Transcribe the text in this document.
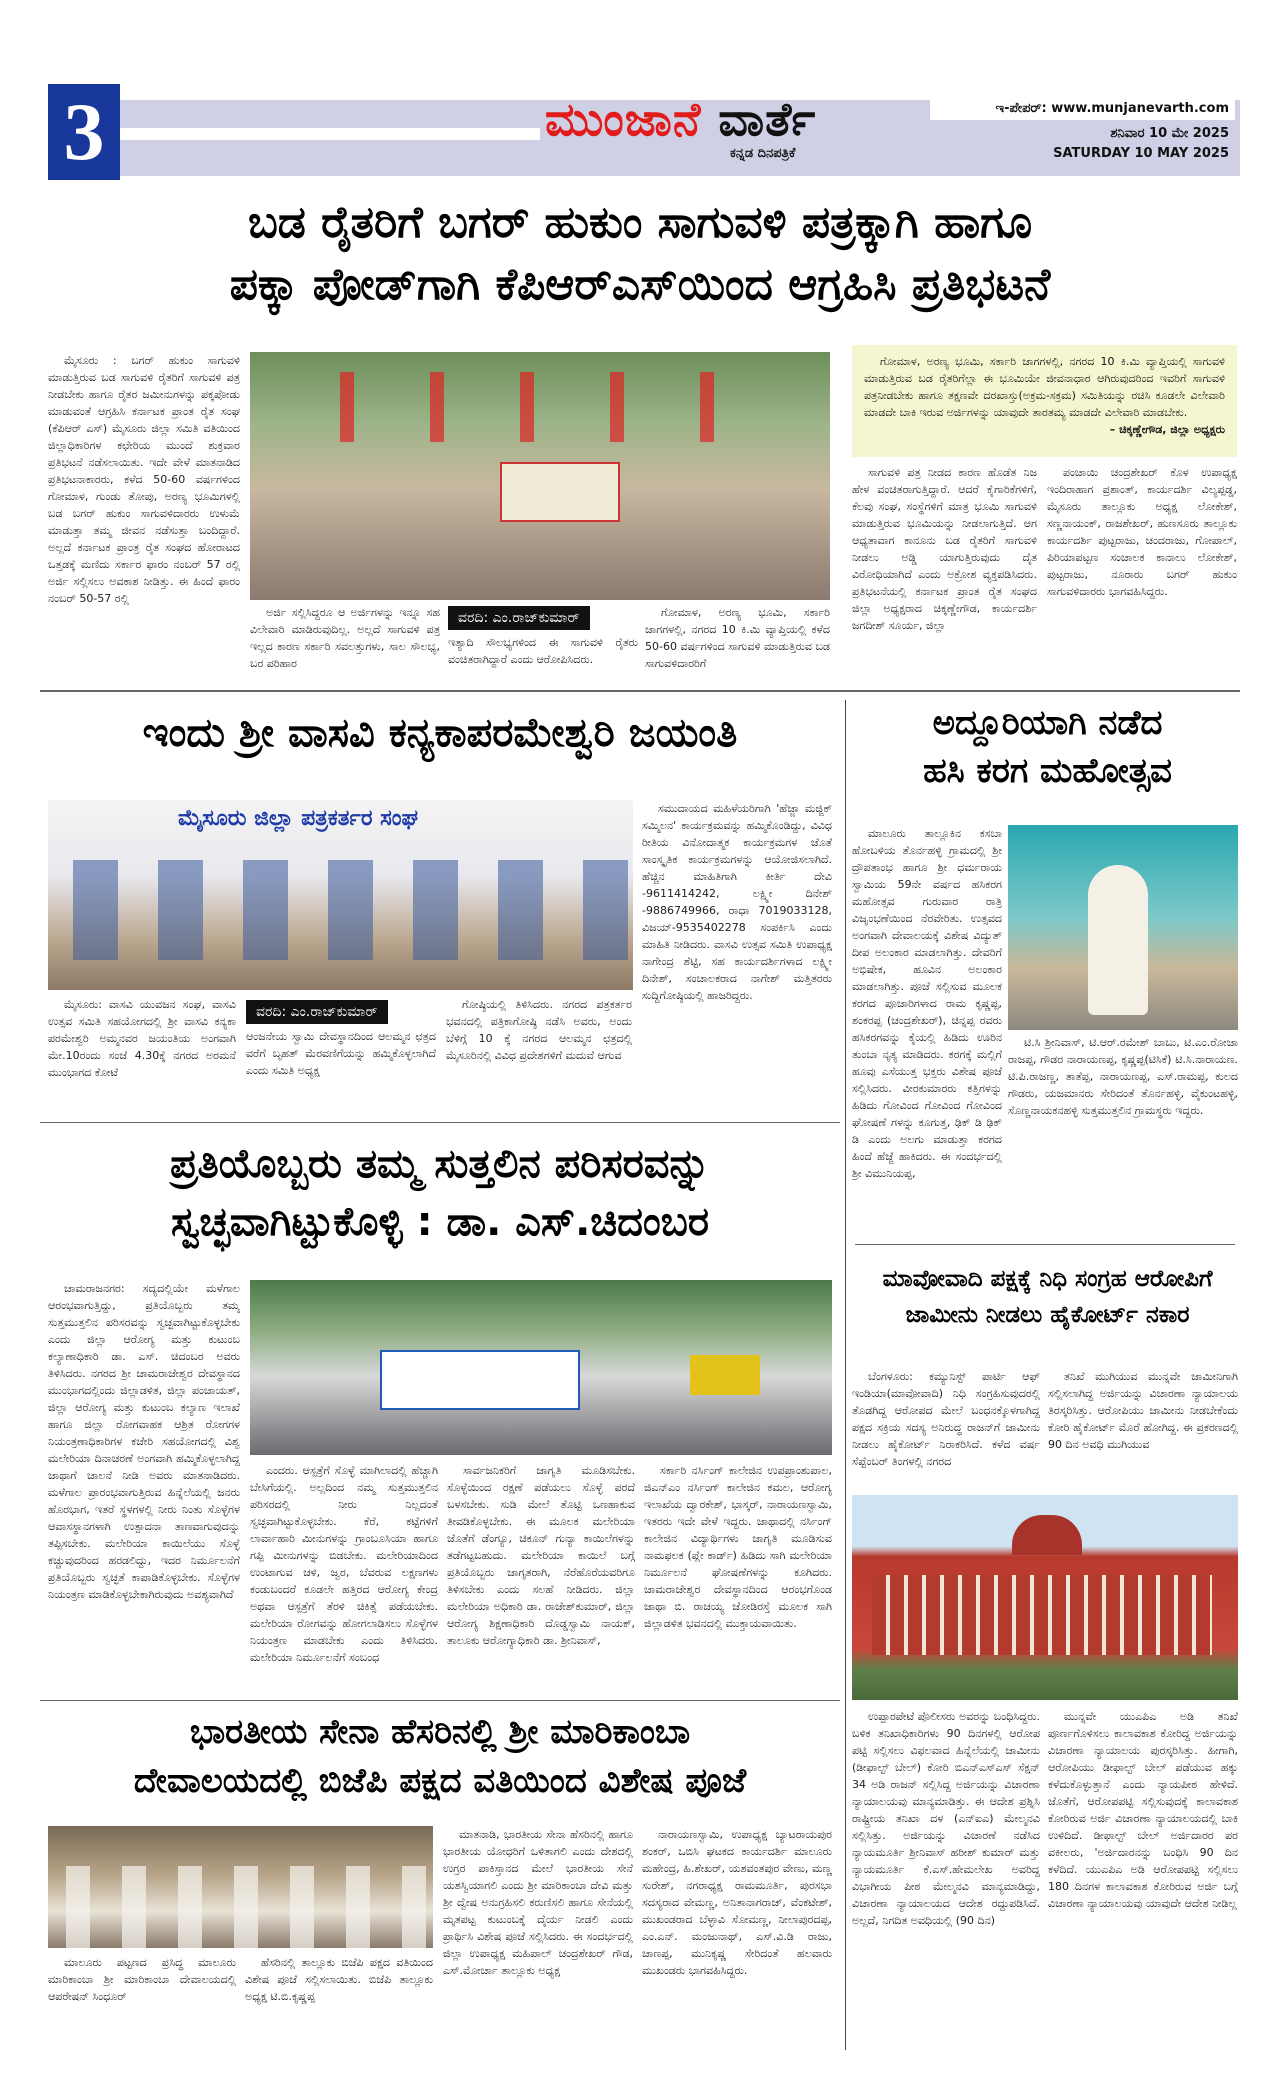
3	ಮುಂಜಾನೆ ವಾರ್ತೆ
ಕನ್ನಡ ದಿನಪತ್ರಿಕೆ
ಇ-ಪೇಪರ್: www.munjanevarth.com
ಶನಿವಾರ 10 ಮೇ 2025
SATURDAY 10 MAY 2025
ಬಡ ರೈತರಿಗೆ ಬಗರ್ ಹುಕುಂ ಸಾಗುವಳಿ ಪತ್ರಕ್ಕಾಗಿ ಹಾಗೂ
ಪಕ್ಕಾ ಪೋಡ್‌ಗಾಗಿ ಕೆಪಿಆರ್‌ಎಸ್‌ಯಿಂದ ಆಗ್ರಹಿಸಿ ಪ್ರತಿಭಟನೆ

ಮೈಸೂರು : ಬಗರ್ ಹುಕುಂ ಸಾಗುವಳಿ ಮಾಡುತ್ತಿರುವ ಬಡ ಸಾಗುವಳಿ ರೈತರಿಗೆ ಸಾಗುವಳಿ ಪತ್ರ ನೀಡಬೇಕು ಹಾಗೂ ರೈತರ ಜಮೀನುಗಳನ್ನು ಪಕ್ಕಪೋಡು ಮಾಡುವಂತೆ ಆಗ್ರಹಿಸಿ ಕರ್ನಾಟಕ ಪ್ರಾಂತ ರೈತ ಸಂಘ (ಕೆಪಿಆರ್ ಎಸ್) ಮೈಸೂರು ಜಿಲ್ಲಾ ಸಮಿತಿ ವತಿಯಿಂದ ಜಿಲ್ಲಾಧಿಕಾರಿಗಳ ಕಛೇರಿಯ ಮುಂದೆ ಶುಕ್ರವಾರ ಪ್ರತಿಭಟನೆ ನಡೆಸಲಾಯಿತು. ಇದೇ ವೇಳೆ ಮಾತನಾಡಿದ ಪ್ರತಿಭಟನಾಕಾರರು, ಕಳೆದ 50-60 ವರ್ಷಗಳಿಂದ ಗೋಮಾಳ, ಗುಂಡು ತೋಪು, ಅರಣ್ಯ ಭೂಮಿಗಳಲ್ಲಿ ಬಡ ಬಗರ್ ಹುಕುಂ ಸಾಗುವಳಿದಾರರು ಉಳುಮೆ ಮಾಡುತ್ತಾ ತಮ್ಮ ಜೀವನ ನಡೆಸುತ್ತಾ ಬಂದಿದ್ದಾರೆ. ಅಲ್ಲದೆ ಕರ್ನಾಟಕ ಪ್ರಾಂತ್ರ ರೈತ ಸಂಘದ ಹೋರಾಟದ ಒತ್ತಡಕ್ಕೆ ಮಣಿದು ಸರ್ಕಾರ ಫಾರಂ ನಂಬರ್ 57 ರಲ್ಲಿ ಅರ್ಜಿ ಸಲ್ಲಿಸಲು ಅವಕಾಶ ನೀಡಿತ್ತು. ಈ ಹಿಂದೆ ಫಾರಂ ನಂಬರ್ 50-57 ರಲ್ಲಿ

ಅರ್ಜಿ ಸಲ್ಲಿಸಿದ್ದರೂ ಆ ಅರ್ಜಿಗಳನ್ನು ಇನ್ನೂ ಸಹ ವಿಲೇವಾರಿ ಮಾಡಿರುವುದಿಲ್ಲ. ಅಲ್ಲದೆ ಸಾಗುವಳಿ ಪತ್ರ ಇಲ್ಲದ ಕಾರಣ ಸರ್ಕಾರಿ ಸವಲತ್ತುಗಳು, ಸಾಲ ಸೌಲಭ್ಯ, ಬರ ಪರಿಹಾರ

ವರದಿ: ಎಂ.ರಾಜ್‌ಕುಮಾರ್
ಇತ್ಯಾದಿ ಸೌಲಭ್ಯಗಳಿಂದ ಈ ಸಾಗುವಳಿ ರೈತರು ವಂಚಿತರಾಗಿದ್ದಾರೆ ಎಂದು ಆರೋಪಿಸಿದರು.

ಗೋಮಾಳ, ಅರಣ್ಯ ಭೂಮಿ, ಸರ್ಕಾರಿ ಜಾಗಗಳಲ್ಲಿ, ನಗರದ 10 ಕಿ.ಮಿ ವ್ಯಾಪ್ತಿಯಲ್ಲಿ ಕಳೆದ 50-60 ವರ್ಷಗಳಿಂದ ಸಾಗುವಳಿ ಮಾಡುತ್ತಿರುವ ಬಡ ಸಾಗುವಳಿದಾರರಿಗೆ

ಗೋಮಾಳ, ಅರಣ್ಯ ಭೂಮಿ, ಸರ್ಕಾರಿ ಜಾಗಗಳಲ್ಲಿ, ನಗರದ 10 ಕಿ.ಮಿ ವ್ಯಾಪ್ತಿಯಲ್ಲಿ ಸಾಗುವಳಿ ಮಾಡುತ್ತಿರುವ ಬಡ ರೈತರಿಗೆಲ್ಲಾ ಈ ಭೂಮಿಯೇ ಜೀವನಾಧಾರ ಆಗಿರುವುದರಿಂದ ಇವರಿಗೆ ಸಾಗುವಳಿ ಪತ್ರನೀಡಬೇಕು ಹಾಗೂ ತಕ್ಷಣವೇ ದರಖಾಸ್ತು(ಅಕ್ರಮ-ಸಕ್ರಮ) ಸಮಿತಿಯನ್ನು ರಚಿಸಿ ಕೂಡಲೇ ವಿಲೇವಾರಿ ಮಾಡದೇ ಬಾಕಿ ಇರುವ ಅರ್ಜಿಗಳನ್ನು ಯಾವುದೇ ತಾರತಮ್ಯ ಮಾಡದೇ ವಿಲೇವಾರಿ ಮಾಡಬೇಕು.

– ಚಿಕ್ಕಣ್ಣೇಗೌಡ, ಜಿಲ್ಲಾ ಅಧ್ಯಕ್ಷರು

ಸಾಗುವಳಿ ಪತ್ರ ನೀಡದ ಕಾರಣ ಹೊಡೆತ ನಿಜ ಹೇಳ ವಂಚಿತರಾಗುತ್ತಿದ್ದಾರೆ. ಆದರೆ ಕೈಗಾರಿಕೆಗಳಿಗೆ, ಕೆಲವು ಸಂಘ, ಸಂಸ್ಥೆಗಳಿಗೆ ಮಾತ್ರ ಭೂಮಿ ಸಾಗುವಳಿ ಮಾಡುತ್ತಿರುವ ಭೂಮಿಯನ್ನು ನೀಡಲಾಗುತ್ತಿದೆ. ಆಗ ಆಧ್ಯತಾವಾಗ ಕಾನೂನು ಬಡ ರೈತರಿಗೆ ಸಾಗುವಳಿ ನೀಡಲು ಅಡ್ಡಿ ಯಾಗುತ್ತಿರುವುದು ದೈತ ವಿರೋಧಿಯಾಗಿದೆ ಎಂದು ಅಕ್ರೋಶ ವ್ಯಕ್ತಪಡಿಸಿದರು. ಪ್ರತಿಭಟನೆಯಲ್ಲಿ ಕರ್ನಾಟಕ ಪ್ರಾಂತ ರೈತ ಸಂಘದ ಜಿಲ್ಲಾ ಅಧ್ಯಕ್ಷರಾದ ಚಿಕ್ಕಣ್ಣೇಗೌಡ, ಕಾರ್ಯದರ್ಶಿ ಜಗದೀಶ್ ಸೂರ್ಯ, ಜಿಲ್ಲಾ

ಪಂಚಾಯಿ ಚಂದ್ರಶೇಖರ್ ಕೊಳ ಉಪಾಧ್ಯಕ್ಷ ಇಂದಿರಾಹಾಗ ಪ್ರಶಾಂತ್, ಕಾರ್ಯದರ್ಶಿ ವಿಲ್ಯಪ್ಪಡ್ಡ, ಮೈಸೂರು ತಾಲ್ಲೂಕು ಅಧ್ಯಕ್ಷ ಲೋಕೇಶ್, ಸಣ್ಣನಾಯಂಕ್, ರಾಜಶೇಖರ್, ಹುಣಸೂರು ತಾಲ್ಲೂಕು ಕಾರ್ಯದರ್ಶಿ ಪುಟ್ಟರಾಜು, ಚಂದರಾಜು, ಗೋಪಾಲ್, ಪಿರಿಯಾಪಟ್ಟಣ ಸಂಚಾಲಕ ಕಾನಾಲು ಲೋಕೇಶ್, ಪುಟ್ಟರಾಜು, ನೂರಾರು ಬಗರ್ ಹುಕುಂ ಸಾಗುವಳಿದಾರರು ಭಾಗವಹಿಸಿದ್ದರು.

ಇಂದು ಶ್ರೀ ವಾಸವಿ ಕನ್ಯಕಾಪರಮೇಶ್ವರಿ ಜಯಂತಿ
ಮೈಸೂರು ಜಿಲ್ಲಾ ಪತ್ರಕರ್ತರ ಸಂಘ

ಮೈಸೂರು: ವಾಸವಿ ಯುವಜನ ಸಂಘ, ವಾಸವಿ ಉತ್ಸವ ಸಮಿತಿ ಸಹಯೋಗದಲ್ಲಿ ಶ್ರೀ ವಾಸವಿ ಕನ್ಯಕಾ ಪರಮೇಶ್ವರಿ ಅಮ್ಮನವರ ಜಯಂತಿಯ ಅಂಗವಾಗಿ ಮೇ.10ರಂದು ಸಂಜೆ 4.30ಕ್ಕೆ ನಗರದ ಅರಮನೆ ಮುಂಭಾಗದ ಕೋಟೆ

ವರದಿ: ಎಂ.ರಾಜ್‌ಕುಮಾರ್
ಆಂಜನೇಯ ಸ್ವಾಮಿ ದೇವಸ್ಥಾನದಿಂದ ಆಲಮ್ಮನ ಛತ್ರದ ವರೆಗೆ ಬೃಹತ್ ಮೆರವಣಿಗೆಯನ್ನು ಹಮ್ಮಿಕೊಳ್ಳಲಾಗಿದೆ ಎಂದು ಸಮಿತಿ ಅಧ್ಯಕ್ಷ

ಗೋಷ್ಠಿಯಲ್ಲಿ ತಿಳಿಸಿದರು. ನಗರದ ಪತ್ರಕರ್ತರ ಭವನದಲ್ಲಿ ಪತ್ರಿಕಾಗೋಷ್ಠಿ ನಡೆಸಿ ಅವರು, ಅಂದು ಬೆಳಿಗ್ಗೆ 10 ಕ್ಕೆ ನಗರದ ಆಲಮ್ಮನ ಛತ್ರದಲ್ಲಿ ಮೈಸೂರಿನಲ್ಲಿ ವಿವಿಧ ಪ್ರದೇಶಗಳಿಗೆ ಮದುವೆ ಆಗುವ

ಸಮುದಾಯದ ಮಹಿಳೆಯರಿಗಾಗಿ 'ಹೆಜ್ಜಾ ಮಜ್ಜಿಕ್ ಸಮ್ಮಿಲನ' ಕಾರ್ಯಕ್ರಮವನ್ನು ಹಮ್ಮಿಕೊಂಡಿದ್ದು, ವಿವಿಧ ರೀತಿಯ ವಿನೋದಾತ್ಮಕ ಕಾರ್ಯಕ್ರಮಗಳ ಜೊತೆ ಸಾಂಸ್ಕೃತಿಕ ಕಾರ್ಯಕ್ರಮಗಳನ್ನು ಆಯೋಜಿಸಲಾಗಿದೆ. ಹೆಚ್ಚಿನ ಮಾಹಿತಿಗಾಗಿ ಕೀರ್ತಿ ದೇವಿ -9611414242, ಲಕ್ಷ್ಮೀ ದಿನೇಶ್ -9886749966, ರಾಧಾ 7019033128, ವಿಜಯ್-9535402278 ಸಂಪರ್ಕಿಸಿ ಎಂದು ಮಾಹಿತಿ ನೀಡಿದರು. ವಾಸವಿ ಉತ್ಸವ ಸಮಿತಿ ಉಪಾಧ್ಯಕ್ಷ ನಾಗೇಂದ್ರ ಶೆಟ್ಟಿ, ಸಹ ಕಾರ್ಯದರ್ಶಿಗಳಾದ ಲಕ್ಷ್ಮೀ ದಿನೇಶ್, ಸಂಚಾಲಕರಾದ ನಾಗೇಶ್ ಮತ್ತಿತರರು ಸುದ್ದಿಗೋಷ್ಠಿಯಲ್ಲಿ ಹಾಜರಿದ್ದರು.

ಅದ್ದೂರಿಯಾಗಿ ನಡೆದ
ಹಸಿ ಕರಗ ಮಹೋತ್ಸವ

ಮಾಲೂರು ತಾಲ್ಲೂಕಿನ ಕಸಬಾ ಹೋಬಳಿಯ ತೊರ್ನಹಳ್ಳಿ ಗ್ರಾಮದಲ್ಲಿ ಶ್ರೀ ದ್ರೌಪತಾಂಭ ಹಾಗೂ ಶ್ರೀ ಧರ್ಮರಾಯ ಸ್ವಾಮಿಯ 59ನೇ ವರ್ಷದ ಹಸಿಕರಗ ಮಹೋತ್ಸವ ಗುರುವಾರ ರಾತ್ರಿ ವಿಜೃಂಭಣೆಯಿಂದ ನೆರವೇರಿತು. ಉತ್ಸವದ ಅಂಗವಾಗಿ ದೇವಾಲಯಕ್ಕೆ ವಿಶೇಷ ವಿದ್ಯುತ್ ದೀಪ ಅಲಂಕಾರ ಮಾಡಲಾಗಿತ್ತು. ದೇವರಿಗೆ ಅಭಿಷೇಕ, ಹೂವಿನ ಅಲಂಕಾರ ಮಾಡಲಾಗಿತ್ತು. ಪೂಜೆ ಸಲ್ಲಿಸುವ ಮೂಲಕ ಕರಗದ ಪೂಜಾರಿಗಳಾದ ರಾಮ ಕೃಷ್ಣಪ್ಪ, ಶಂಕರಪ್ಪ (ಚಂದ್ರಶೇಖರ್), ಚಿನ್ನಪ್ಪ ರವರು ಹಸಿಕರಗವನ್ನು ಕೈಯಲ್ಲಿ ಹಿಡಿದು ಊರಿನ ತುಂಬಾ ನೃತ್ಯ ಮಾಡಿದರು. ಕರಗಕ್ಕೆ ಮಲ್ಲಿಗೆ ಹೂವು ಎಸೆಯುತ್ತ ಭಕ್ತರು ವಿಶೇಷ ಪೂಜೆ ಸಲ್ಲಿಸಿದರು. ವೀರಕುಮಾರರು ಕತ್ತಿಗಳನ್ನು ಹಿಡಿದು ಗೋವಿಂದ ಗೋವಿಂದ ಗೋವಿಂದ ಘೋಷಣೆ ಗಳನ್ನು ಕೂಗುತ್ತ, ಢಿಕ್ ಡಿ ಢಿಕ್ ಡಿ ಎಂದು ಅಲಗು ಮಾಡುತ್ತಾ ಕರಗದ ಹಿಂದೆ ಹೆಜ್ಜೆ ಹಾಕಿದರು. ಈ ಸಂದರ್ಭದಲ್ಲಿ ಶ್ರೀ ವಿಮುನಿಯಪ್ಪ,

ಟಿ.ಸಿ ಶ್ರೀನಿವಾಸ್, ಟಿ.ಆರ್.ರಮೇಶ್ ಬಾಬು, ಟಿ.ಎಂ.ರೋಜಾ ರಾಜಪ್ಪ, ಗೌಡರ ನಾರಾಯಣಪ್ಪ, ಕೃಷ್ಣಪ್ಪ(ಟಿಸಿಕೆ) ಟಿ.ಸಿ.ನಾರಾಯಣ. ಟಿ.ಪಿ.ರಾಜಣ್ಣ, ತಾತೆಪ್ಪ, ನಾರಾಯಣಪ್ಪ, ಎಸ್.ರಾಮಪ್ಪ, ಕುಲದ ಗೌಡರು, ಯಜಮಾನರು ಸೇರಿದಂತೆ ತೊರ್ನಹಳ್ಳಿ, ವೈಕುಂಟಹಳ್ಳಿ, ಸೊಣ್ಣನಾಯಕನಹಳ್ಳಿ ಸುತ್ತಮುತ್ತಲಿನ ಗ್ರಾಮಸ್ಥರು ಇದ್ದರು.

ಪ್ರತಿಯೊಬ್ಬರು ತಮ್ಮ ಸುತ್ತಲಿನ ಪರಿಸರವನ್ನು
ಸ್ವಚ್ಛವಾಗಿಟ್ಟುಕೊಳ್ಳಿ : ಡಾ. ಎಸ್.ಚಿದಂಬರ

ಚಾಮರಾಜನಗರ: ಸದ್ಯದಲ್ಲಿಯೇ ಮಳೆಗಾಲ ಆರಂಭವಾಗುತ್ತಿದ್ದು, ಪ್ರತಿಯೊಬ್ಬರು ತಮ್ಮ ಸುತ್ತಮುತ್ತಲಿನ ಪರಿಸರವನ್ನು ಸ್ವಚ್ಛವಾಗಿಟ್ಟುಕೊಳ್ಳಬೇಕು ಎಂದು ಜಿಲ್ಲಾ ಆರೋಗ್ಯ ಮತ್ತು ಕುಟುಂಬ ಕಲ್ಯಾಣಾಧಿಕಾರಿ ಡಾ. ಎಸ್. ಚಿದಂಬರ ಅವರು ತಿಳಿಸಿದರು. ನಗರದ ಶ್ರೀ ಚಾಮರಾಜೇಶ್ವರ ದೇವಸ್ಥಾನದ ಮುಂಭಾಗದಲ್ಲಿಂದು ಜಿಲ್ಲಾಡಳಿತ, ಜಿಲ್ಲಾ ಪಂಚಾಯತ್, ಜಿಲ್ಲಾ ಆರೋಗ್ಯ ಮತ್ತು ಕುಟುಂಬ ಕಲ್ಯಾಣ ಇಲಾಖೆ ಹಾಗೂ ಜಿಲ್ಲಾ ರೋಗವಾಹಕ ಆಶ್ರಿತ ರೋಗಗಳ ನಿಯಂತ್ರಣಾಧಿಕಾರಿಗಳ ಕಚೇರಿ ಸಹಯೋಗದಲ್ಲಿ ವಿಶ್ವ ಮಲೇರಿಯಾ ದಿನಾಚರಣೆ ಅಂಗವಾಗಿ ಹಮ್ಮಿಕೊಳ್ಳಲಾಗಿದ್ದ ಜಾಥಾಗೆ ಚಾಲನೆ ನೀಡಿ ಅವರು ಮಾತನಾಡಿದರು. ಮಳೆಗಾಲ ಪ್ರಾರಂಭವಾಗುತ್ತಿರುವ ಹಿನ್ನೆಲೆಯಲ್ಲಿ ಜನರು ಹೊರಭಾಗ, ಇತರೆ ಸ್ಥಳಗಳಲ್ಲಿ ನೀರು ನಿಂತು ಸೊಳ್ಳೆಗಳ ಆವಾಸಸ್ಥಾನಗಳಾಗಿ ಉತ್ಪಾದನಾ ತಾಣವಾಗುವುದನ್ನು ತಪ್ಪಿಸಬೇಕು. ಮಲೇರಿಯಾ ಕಾಯಿಲೆಯು ಸೊಳ್ಳೆ ಕಚ್ಚುವುದರಿಂದ ಹರಡಲಿದ್ದು, ಇದರ ನಿರ್ಮೂಲನೆಗೆ ಪ್ರತಿಯೊಬ್ಬರು ಸ್ವಚ್ಛತೆ ಕಾಪಾಡಿಕೊಳ್ಳಬೇಕು. ಸೊಳ್ಳೆಗಳ ನಿಯಂತ್ರಣ ಮಾಡಿಕೊಳ್ಳಬೇಕಾಗಿರುವುದು ಅವಶ್ಯವಾಗಿದೆ

ಎಂದರು. ಆಸ್ಪತ್ರೆಗೆ ಸೊಳ್ಳೆ ಮಾಗಿಲಾದಲ್ಲಿ ಹೆಚ್ಚಾಗಿ ಬೇಸಿಗೆಯಲ್ಲಿ. ಅಲ್ಲದಿಂದ ನಮ್ಮ ಸುತ್ತಮುತ್ತಲಿನ ಪರಿಸರದಲ್ಲಿ ನೀರು ನಿಲ್ಲದಂತೆ ಸ್ವಚ್ಛವಾಗಿಟ್ಟುಕೊಳ್ಳಬೇಕು. ಕೆರೆ, ಕಟ್ಟೆಗಳಿಗೆ ಲಾರ್ವಾಹಾರಿ ಮೀನುಗಳನ್ನು ಗ್ರಾಂಬೂಸಿಯಾ ಹಾಗೂ ಗಪ್ಪಿ ಮೀನುಗಳನ್ನು ಬಿಡಬೇಕು. ಮಲೇರಿಯಾದಿಂದ ಉಂಟಾಗುವ ಚಳಿ, ಜ್ವರ, ಬೆವರುವ ಲಕ್ಷಣಗಳು ಕಂಡುಬಂದರೆ ಕೂಡಲೇ ಹತ್ತಿರದ ಆರೋಗ್ಯ ಕೇಂದ್ರ ಅಥವಾ ಆಸ್ಪತ್ರೆಗೆ ತೆರಳಿ ಚಿಕಿತ್ಸೆ ಪಡೆಯಬೇಕು. ಮಲೇರಿಯಾ ರೋಗವನ್ನು ಹೋಗಲಾಡಿಸಲು ಸೊಳ್ಳೆಗಳ ನಿಯಂತ್ರಣ ಮಾಡಬೇಕು ಎಂದು ತಿಳಿಸಿದರು. ಮಲೇರಿಯಾ ನಿರ್ಮೂಲನೆಗೆ ಸಂಬಂಧ

ಸಾರ್ವಜನಿಕರಿಗೆ ಜಾಗೃತಿ ಮೂಡಿಸಬೇಕು. ಸೊಳ್ಳೆಯಿಂದ ರಕ್ಷಣೆ ಪಡೆಯಲು ಸೊಳ್ಳೆ ಪರದೆ ಬಳಸಬೇಕು. ಸುಡಿ ಮೇಲೆ ತೊಟ್ಟಿ ಒಣಹಾಕುವ ತೀವಡಿಕೊಳ್ಳಬೇಕು. ಈ ಮೂಲಕ ಮಲೇರಿಯಾ ಜೊತೆಗೆ ಡೆಂಗ್ಯೂ, ಚಿಕೂನ್ ಗುನ್ಯಾ ಕಾಯಿಲೆಗಳನ್ನು ತಡೆಗಟ್ಟಬಹುದು. ಮಲೇರಿಯಾ ಕಾಯಿಲೆ ಬಗ್ಗೆ ಪ್ರತಿಯೊಬ್ಬರು ಜಾಗೃತರಾಗಿ, ನೆರೆಹೊರೆಯವರಿಗೂ ತಿಳಿಸಬೇಕು ಎಂದು ಸಲಹೆ ನೀಡಿದರು. ಜಿಲ್ಲಾ ಮಲೇರಿಯಾ ಅಧಿಕಾರಿ ಡಾ. ರಾಜೇಶ್‌ಕುಮಾರ್, ಜಿಲ್ಲಾ ಆರೋಗ್ಯ ಶಿಕ್ಷಣಾಧಿಕಾರಿ ದೊಡ್ಡಸ್ವಾಮಿ ನಾಯಕ್, ತಾಲೂಕು ಆರೋಗ್ಯಾಧಿಕಾರಿ ಡಾ. ಶ್ರೀನಿವಾಸ್,

ಸರ್ಕಾರಿ ನರ್ಸಿಂಗ್ ಕಾಲೇಜಿನ ಉಪಪ್ರಾಂಶುಪಾಲ, ಜಿಎನ್‌ಎಂ ನರ್ಸಿಂಗ್ ಕಾಲೇಜಿನ ಕಮಲ, ಆರೋಗ್ಯ ಇಲಾಖೆಯ ದ್ವಾರಕೇಶ್, ಭಾಸ್ಕರ್, ನಾರಾಯಣಸ್ವಾಮಿ, ಇತರರು ಇದೇ ವೇಳೆ ಇದ್ದರು. ಜಾಥಾದಲ್ಲಿ ನರ್ಸಿಂಗ್ ಕಾಲೇಜಿನ ವಿದ್ಯಾರ್ಥಿಗಳು ಜಾಗೃತಿ ಮೂಡಿಸುವ ನಾಮಫಲಕ (ಪ್ಲೇ ಕಾರ್ಡ್) ಹಿಡಿದು ಸಾಗಿ ಮಲೇರಿಯಾ ನಿರ್ಮೂಲನೆ ಘೋಷಣೆಗಳನ್ನು ಕೂಗಿದರು. ಚಾಮರಾಜೇಶ್ವರ ದೇವಸ್ಥಾನದಿಂದ ಆರಂಭಗೊಂಡ ಜಾಥಾ ಬಿ. ರಾಚಯ್ಯ ಜೋಡಿರಸ್ತೆ ಮೂಲಕ ಸಾಗಿ ಜಿಲ್ಲಾಡಳಿತ ಭವನದಲ್ಲಿ ಮುಕ್ತಾಯವಾಯಿತು.

ಮಾವೋವಾದಿ ಪಕ್ಷಕ್ಕೆ ನಿಧಿ ಸಂಗ್ರಹ ಆರೋಪಿಗೆ
ಜಾಮೀನು ನೀಡಲು ಹೈಕೋರ್ಟ್ ನಕಾರ

ಬೆಂಗಳೂರು: ಕಮ್ಯುನಿಸ್ಟ್ ಪಾರ್ಟಿ ಆಫ್ ಇಂಡಿಯಾ(ಮಾವೋವಾದಿ) ನಿಧಿ ಸಂಗ್ರಹಿಸುವುದರಲ್ಲಿ ತೊಡಗಿದ್ದ ಆರೋಪದ ಮೇಲೆ ಬಂಧನಕ್ಕೊಳಗಾಗಿದ್ದ ಪಕ್ಷದ ಸಕ್ರಿಯ ಸದಸ್ಯ ಅನಿರುದ್ಧ ರಾಜನ್‌ಗೆ ಜಾಮೀನು ನೀಡಲು ಹೈಕೋರ್ಟ್ ನಿರಾಕರಿಸಿದೆ. ಕಳೆದ ವರ್ಷ ಸೆಪ್ಟೆಂಬರ್ ತಿಂಗಳಲ್ಲಿ ನಗರದ

ತನಿಖೆ ಮುಗಿಯುವ ಮುನ್ನವೇ ಜಾಮೀನಿಗಾಗಿ ಸಲ್ಲಿಸಲಾಗಿದ್ದ ಅರ್ಜಿಯನ್ನು ವಿಚಾರಣಾ ನ್ಯಾಯಾಲಯ ತಿರಸ್ಕರಿಸಿತ್ತು. ಆರೋಪಿಯು ಜಾಮೀನು ನೀಡಬೇಕೆಂದು ಕೋರಿ ಹೈಕೋರ್ಟ್ ಮೊರೆ ಹೋಗಿದ್ದ. ಈ ಪ್ರಕರಣದಲ್ಲಿ 90 ದಿನ ಅವಧಿ ಮುಗಿಯುವ

ಉಪ್ಪಾರಪೇಟೆ ಪೊಲೀಸರು ಅವರನ್ನು ಬಂಧಿಸಿದ್ದರು. ಬಳಿಕ ತನಿಖಾಧಿಕಾರಿಗಳು 90 ದಿನಗಳಲ್ಲಿ ಆರೋಪ ಪಟ್ಟಿ ಸಲ್ಲಿಸಲು ವಿಫಲವಾದ ಹಿನ್ನೆಲೆಯಲ್ಲಿ ಜಾಮೀನು (ಡೀಫಾಲ್ಟ್ ಬೇಲ್) ಕೋರಿ ಬಿಎನ್ಎಸ್ಎಸ್ ಸೆಕ್ಷನ್ 34 ಅಡಿ ರಾಜನ್ ಸಲ್ಲಿಸಿದ್ದ ಅರ್ಜಿಯನ್ನು ವಿಚಾರಣಾ ನ್ಯಾಯಾಲಯವು ಮಾನ್ಯಮಾಡಿತ್ತು. ಈ ಆದೇಶ ಪ್ರಶ್ನಿಸಿ ರಾಷ್ಟ್ರೀಯ ತನಿಖಾ ದಳ (ಎನ್ಐಎ) ಮೇಲ್ಮನವಿ ಸಲ್ಲಿಸಿತ್ತು. ಅರ್ಜಿಯನ್ನು ವಿಚಾರಣೆ ನಡೆಸಿದ ನ್ಯಾಯಮೂರ್ತಿ ಶ್ರೀನಿವಾಸ್ ಹರೀಶ್ ಕುಮಾರ್ ಮತ್ತು ನ್ಯಾಯಮೂರ್ತಿ ಕೆ.ಎಸ್.ಹೇಮಲೇಖ ಅವರಿದ್ದ ವಿಭಾಗೀಯ ಪೀಠ ಮೇಲ್ಮನವಿ ಮಾನ್ಯಮಾಡಿದ್ದು, ವಿಚಾರಣಾ ನ್ಯಾಯಾಲಯದ ಆದೇಶ ರದ್ದುಪಡಿಸಿದೆ. ಅಲ್ಲದೆ, ನಿಗದಿತ ಅವಧಿಯಲ್ಲಿ (90 ದಿನ)

ಮುನ್ನವೇ ಯುಎಪಿಎ ಅಡಿ ತನಿಖೆ ಪೂರ್ಣಗೊಳಿಸಲು ಕಾಲಾವಕಾಶ ಕೋರಿದ್ದ ಅರ್ಜಿಯನ್ನು ವಿಚಾರಣಾ ನ್ಯಾಯಾಲಯ ಪುರಸ್ಕರಿಸಿತ್ತು. ಹೀಗಾಗಿ, ಆರೋಪಿಯು ಡೀಫಾಲ್ಟ್ ಬೇಲ್ ಪಡೆಯುವ ಹಕ್ಕು ಕಳೆದುಕೊಳ್ಳುತ್ತಾನೆ ಎಂದು ನ್ಯಾಯಪೀಠ ಹೇಳಿದೆ. ಜೊತೆಗೆ, ಆರೋಪಪಟ್ಟಿ ಸಲ್ಲಿಸುವುದಕ್ಕೆ ಕಾಲಾವಕಾಶ ಕೋರಿರುವ ಅರ್ಜಿ ವಿಚಾರಣಾ ನ್ಯಾಯಾಲಯದಲ್ಲಿ ಬಾಕಿ ಉಳಿದಿದೆ. ಡೀಫಾಲ್ಟ್ ಬೇಲ್ ಅರ್ಜಿದಾರರ ಪರ ವಕೀಲರು, 'ಅರ್ಜಿದಾರನನ್ನು ಬಂಧಿಸಿ 90 ದಿನ ಕಳೆದಿದೆ. ಯುಎಪಿಎ ಅಡಿ ಆರೋಪಪಟ್ಟಿ ಸಲ್ಲಿಸಲು 180 ದಿನಗಳ ಕಾಲಾವಕಾಶ ಕೋರಿರುವ ಅರ್ಜಿ ಬಗ್ಗೆ ವಿಚಾರಣಾ ನ್ಯಾಯಾಲಯವು ಯಾವುದೇ ಆದೇಶ ನೀಡಿಲ್ಲ

ಭಾರತೀಯ ಸೇನಾ ಹೆಸರಿನಲ್ಲಿ ಶ್ರೀ ಮಾರಿಕಾಂಬಾ
ದೇವಾಲಯದಲ್ಲಿ ಬಿಜೆಪಿ ಪಕ್ಷದ ವತಿಯಿಂದ ವಿಶೇಷ ಪೂಜೆ

ಮಾಲೂರು ಪಟ್ಟಣದ ಪ್ರಸಿದ್ಧ ಮಾಲೂರು ಮಾರಿಕಾಂಬಾ ಶ್ರೀ ಮಾರಿಕಾಂಬಾ ದೇವಾಲಯದಲ್ಲಿ ಆಪರೇಷನ್ ಸಿಂಧೂರ್

ಹೆಸರಿನಲ್ಲಿ ತಾಲ್ಲೂಕು ಬಿಜೆಪಿ ಪಕ್ಷದ ವತಿಯಿಂದ ವಿಶೇಷ ಪೂಜೆ ಸಲ್ಲಿಸಲಾಯಿತು. ಬಿಜೆಪಿ ತಾಲ್ಲೂಕು ಅಧ್ಯಕ್ಷ ಟಿ.ಬಿ.ಕೃಷ್ಣಪ್ಪ

ಮಾತನಾಡಿ, ಭಾರತೀಯ ಸೇನಾ ಹೆಸರಿನಲ್ಲಿ ಹಾಗೂ ಭಾರತೀಯ ಯೋಧರಿಗೆ ಒಳಿತಾಗಲಿ ಎಂದು ದೇಶದಲ್ಲಿ ಉಗ್ರರ ಪಾಕಿಸ್ತಾನದ ಮೇಲೆ ಭಾರತೀಯ ಸೇನೆ ಯಶಸ್ವಿಯಾಗಲಿ ಎಂದು ಶ್ರೀ ಮಾರಿಕಾಂಬಾ ದೇವಿ ಮತ್ತು ಶ್ರೀ ದ್ವೇಷ ಅನುಗ್ರಹಿಸಲಿ ಕರುಣಿಸಲಿ ಹಾಗೂ ಸೇನೆಯಲ್ಲಿ ಮೃತಪಟ್ಟ ಕುಟುಂಬಕ್ಕೆ ದೈರ್ಯ ನೀಡಲಿ ಎಂದು ಪ್ರಾರ್ಥಿಸಿ ವಿಶೇಷ ಪೂಜೆ ಸಲ್ಲಿಸಿದರು. ಈ ಸಂದರ್ಭದಲ್ಲಿ ಜಿಲ್ಲಾ ಉಪಾಧ್ಯಕ್ಷ ಮಹಿಪಾಲ್ ಚಂದ್ರಶೇಖರ್ ಗೌಡ, ಎಸ್.ಮೋರ್ಚಾ ತಾಲ್ಲೂಕು ಅಧ್ಯಕ್ಷ

ನಾರಾಯಣಸ್ವಾಮಿ, ಉಪಾಧ್ಯಕ್ಷ ಬ್ಯಾಟರಾಯಪುರ ಶಂಕರ್, ಒಬಿಸಿ ಘಟಕದ ಕಾರ್ಯದರ್ಶಿ ಮಾಲೂರು ಮಹೇಂದ್ರ, ಹಿ.ಶೇಖರ್, ಯಶವಂತಪುರ ವೇಣು, ಮಣ್ಣ ಸುರೇಶ್, ನಗರಾಧ್ಯಕ್ಷ ರಾಮಮೂರ್ತಿ, ಪುರಸಭಾ ಸದಸ್ಯರಾದ ವೇಮಣ್ಣ, ಅನಿತಾನಾಗರಾಜ್, ವೆಂಕಟೇಶ್, ಮುಖಂಡರಾದ ಬೆಳ್ಳಾವಿ ಸೋಮಣ್ಣ, ನೀಲಾಪುರದಪ್ಪ, ಎಂ.ಎನ್. ಮಂಜುನಾಥ್, ಎಸ್.ವಿ.ಡಿ ರಾಜು, ಚಾಣಪ್ಪ, ಮುನಿಕೃಷ್ಣ ಸೇರಿದಂತೆ ಹಲವಾರು ಮುಖಂಡರು ಭಾಗವಹಿಸಿದ್ದರು.
